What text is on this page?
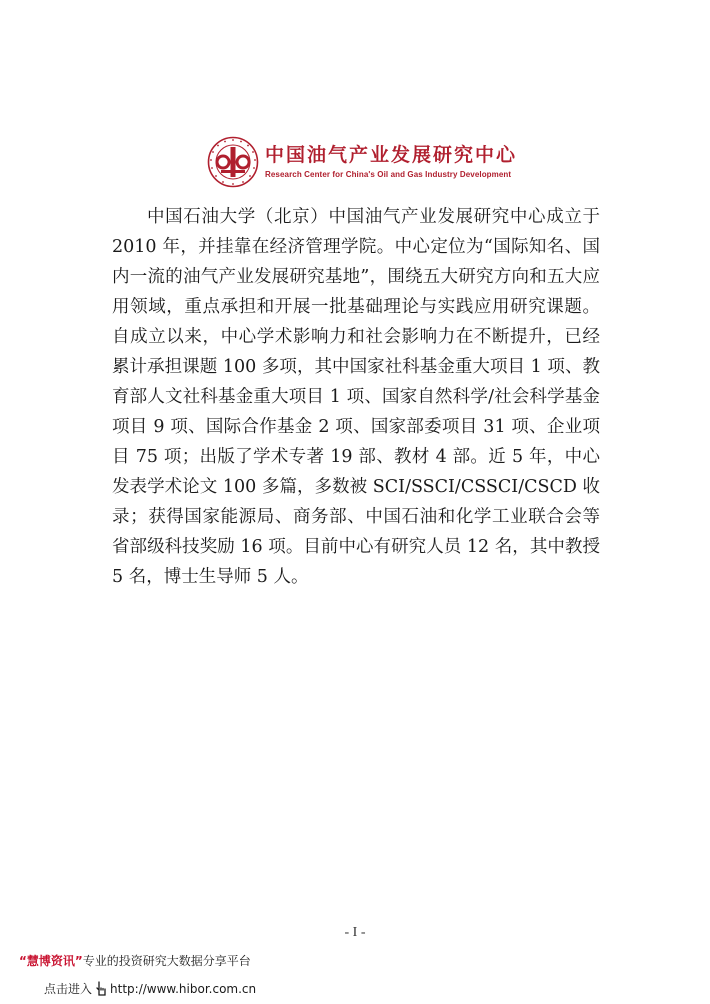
中国油气产业发展研究中心
Research Center for China's Oil and Gas Industry Development

中国石油大学（北京）中国油气产业发展研究中心成立于 2010 年，并挂靠在经济管理学院。中心定位为“国际知名、国内一流的油气产业发展研究基地”，围绕五大研究方向和五大应用领域，重点承担和开展一批基础理论与实践应用研究课题。自成立以来，中心学术影响力和社会影响力在不断提升，已经累计承担课题 100 多项，其中国家社科基金重大项目 1 项、教育部人文社科基金重大项目 1 项、国家自然科学/社会科学基金项目 9 项、国际合作基金 2 项、国家部委项目 31 项、企业项目 75 项；出版了学术专著 19 部、教材 4 部。近 5 年，中心发表学术论文 100 多篇，多数被 SCI/SSCI/CSSCI/CSCD 收录；获得国家能源局、商务部、中国石油和化学工业联合会等省部级科技奖励 16 项。目前中心有研究人员 12 名，其中教授 5 名，博士生导师 5 人。

- I -
“慧博资讯”专业的投资研究大数据分享平台
点击进入 http://www.hibor.com.cn
